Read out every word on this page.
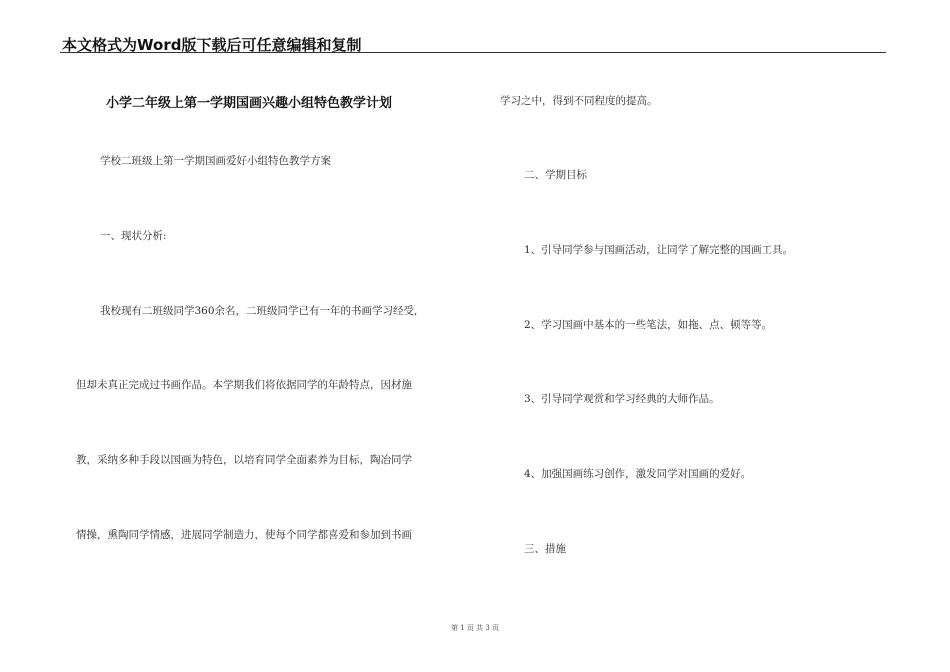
本文格式为Word版下载后可任意编辑和复制
小学二年级上第一学期国画兴趣小组特色教学计划
学校二班级上第一学期国画爱好小组特色教学方案
一、现状分析:
我校现有二班级同学360余名，二班级同学已有一年的书画学习经受,
但却未真正完成过书画作品。本学期我们将依据同学的年龄特点，因材施
教，采纳多种手段以国画为特色，以培育同学全面素养为目标，陶冶同学
情操，熏陶同学情感，进展同学制造力，使每个同学都喜爱和参加到书画
学习之中，得到不同程度的提高。
二、学期目标
1、引导同学参与国画活动，让同学了解完整的国画工具。
2、学习国画中基本的一些笔法，如拖、点、顿等等。
3、引导同学观赏和学习经典的大师作品。
4、加强国画练习创作，激发同学对国画的爱好。
三、措施
第 1 页 共 3 页
